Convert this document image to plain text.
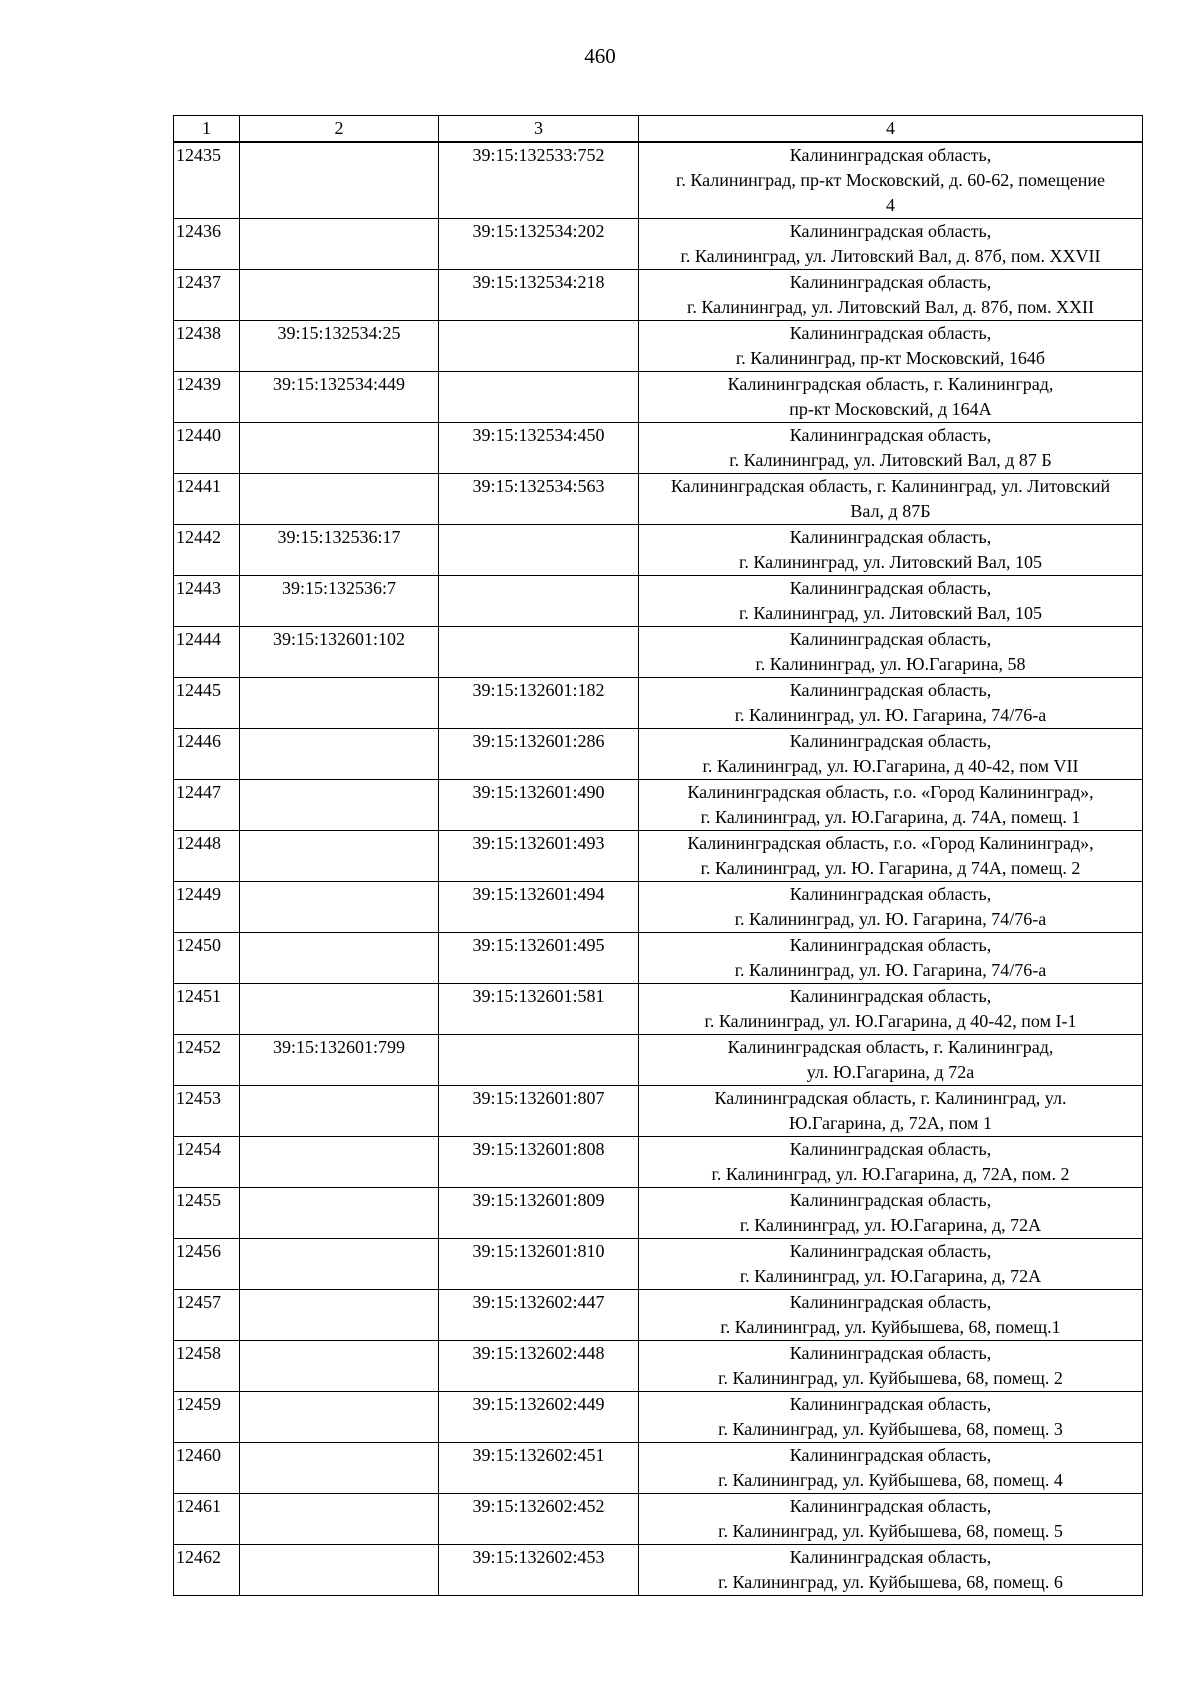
460
1	2	3	4
12435		39:15:132533:752	Калининградская область,
г. Калининград, пр-кт Московский, д. 60-62, помещение
4
12436		39:15:132534:202	Калининградская область,
г. Калининград, ул. Литовский Вал, д. 87б, пом. XXVII
12437		39:15:132534:218	Калининградская область,
г. Калининград, ул. Литовский Вал, д. 87б, пом. XXII
12438	39:15:132534:25		Калининградская область,
г. Калининград, пр-кт Московский, 164б
12439	39:15:132534:449		Калининградская область, г. Калининград,
пр-кт Московский, д 164А
12440		39:15:132534:450	Калининградская область,
г. Калининград, ул. Литовский Вал, д 87 Б
12441		39:15:132534:563	Калининградская область, г. Калининград, ул. Литовский
Вал, д 87Б
12442	39:15:132536:17		Калининградская область,
г. Калининград, ул. Литовский Вал, 105
12443	39:15:132536:7		Калининградская область,
г. Калининград, ул. Литовский Вал, 105
12444	39:15:132601:102		Калининградская область,
г. Калининград, ул. Ю.Гагарина, 58
12445		39:15:132601:182	Калининградская область,
г. Калининград, ул. Ю. Гагарина, 74/76-а
12446		39:15:132601:286	Калининградская область,
г. Калининград, ул. Ю.Гагарина, д 40-42, пом VII
12447		39:15:132601:490	Калининградская область, г.о. «Город Калининград»,
г. Калининград, ул. Ю.Гагарина, д. 74А, помещ. 1
12448		39:15:132601:493	Калининградская область, г.о. «Город Калининград»,
г. Калининград, ул. Ю. Гагарина, д 74А, помещ. 2
12449		39:15:132601:494	Калининградская область,
г. Калининград, ул. Ю. Гагарина, 74/76-а
12450		39:15:132601:495	Калининградская область,
г. Калининград, ул. Ю. Гагарина, 74/76-а
12451		39:15:132601:581	Калининградская область,
г. Калининград, ул. Ю.Гагарина, д 40-42, пом I-1
12452	39:15:132601:799		Калининградская область, г. Калининград,
ул. Ю.Гагарина, д 72а
12453		39:15:132601:807	Калининградская область, г. Калининград, ул.
Ю.Гагарина, д, 72А, пом 1
12454		39:15:132601:808	Калининградская область,
г. Калининград, ул. Ю.Гагарина, д, 72А, пом. 2
12455		39:15:132601:809	Калининградская область,
г. Калининград, ул. Ю.Гагарина, д, 72А
12456		39:15:132601:810	Калининградская область,
г. Калининград, ул. Ю.Гагарина, д, 72А
12457		39:15:132602:447	Калининградская область,
г. Калининград, ул. Куйбышева, 68, помещ.1
12458		39:15:132602:448	Калининградская область,
г. Калининград, ул. Куйбышева, 68, помещ. 2
12459		39:15:132602:449	Калининградская область,
г. Калининград, ул. Куйбышева, 68, помещ. 3
12460		39:15:132602:451	Калининградская область,
г. Калининград, ул. Куйбышева, 68, помещ. 4
12461		39:15:132602:452	Калининградская область,
г. Калининград, ул. Куйбышева, 68, помещ. 5
12462		39:15:132602:453	Калининградская область,
г. Калининград, ул. Куйбышева, 68, помещ. 6
